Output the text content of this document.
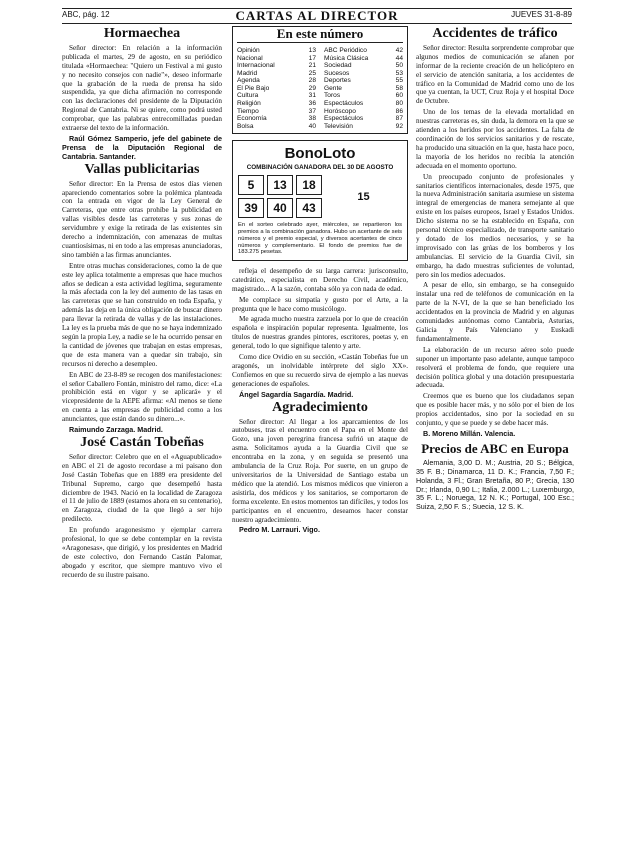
ABC, pág. 12	CARTAS AL DIRECTOR	JUEVES 31-8-89
Hormaechea

Señor director: En relación a la información publicada el martes, 29 de agosto, en su periódico titulada «Hormaechea: "Quiero un Festival a mi gusto y no necesito consejos con nadie"», deseo informarle que la grabación de la rueda de prensa ha sido suspendida, ya que dicha afirmación no corresponde con las declaraciones del presidente de la Diputación Regional de Cantabria. Ni se quiere, como podrá usted comprobar, que las palabras entrecomilladas puedan extraerse del texto de la información.

Raúl Gómez Samperio, jefe del gabinete de Prensa de la Diputación Regional de Cantabria. Santander.

Vallas publicitarias

Señor director: En la Prensa de estos días vienen apareciendo comentarios sobre la polémica planteada con la entrada en vigor de la Ley General de Carreteras, que entre otras prohíbe la publicidad en vallas visibles desde las carreteras y sus zonas de servidumbre y exige la retirada de las existentes sin derecho a indemnización, con amenazas de multas cuantiosísimas, ni en todo a las empresas anunciadoras, sino también a las firmas anunciantes.

Entre otras muchas consideraciones, como la de que este ley aplica totalmente a empresas que hace muchos años se dedican a esta actividad legítima, seguramente la más afectada con la ley del aumento de las tasas en las carreteras que se han construido en toda España, y además las deja en la única obligación de buscar dinero para llevar la retirada de vallas y de las instalaciones. La ley es la prueba más de que no se haya indemnizado según la propia Ley, a nadie se le ha ocurrido pensar en la cantidad de jóvenes que trabajan en estas empresas, que de esta manera van a quedar sin trabajo, sin recursos ni derecho a desempleo.

En ABC de 23-8-89 se recogen dos manifestaciones: el señor Caballero Fontán, ministro del ramo, dice: «La prohibición está en vigor y se aplicará» y el vicepresidente de la AEPE afirma: «Al menos se tiene en cuenta a las empresas de publicidad como a los anunciantes, que están dando su dinero...».

Raimundo Zarzaga. Madrid.

José Castán Tobeñas

Señor director: Celebro que en el «Aguapublicado» en ABC el 21 de agosto recordase a mi paisano don José Castán Tobeñas que en 1889 era presidente del Tribunal Supremo, cargo que desempeñó hasta diciembre de 1943. Nació en la localidad de Zaragoza el 11 de julio de 1889 (estamos ahora en su centenario), en Zaragoza, ciudad de la que llegó a ser hijo predilecto.

En profundo aragonesismo y ejemplar carrera profesional, lo que se debe contemplar en la revista «Aragonesas», que dirigió, y los presidentes en Madrid de este colectivo, don Fernando Castán Palomar, abogado y escritor, que siempre mantuvo vivo el recuerdo de su ilustre paisano.

En este número
Opinión	13
Nacional	17
Internacional	21
Madrid	25
Agenda	28
El Pie Bajo	29
Cultura	31
Religión	36
Tiempo	37
Economía	38
Bolsa	40
ABC Periódico	42
Música Clásica	44
Sociedad	50
Sucesos	53
Deportes	55
Gente	58
Toros	60
Espectáculos	80
Horóscopo	86
Espectáculos	87
Televisión	92
BonoLoto
COMBINACIÓN GANADORA DEL 30 DE AGOSTO
5	13	18
15
39	40	43
En el sorteo celebrado ayer, miércoles, se repartieron los premios a la combinación ganadora. Hubo un acertante de seis números y el premio especial, y diversos acertantes de cinco números y complementario. El fondo de premios fue de 183.275 pesetas.

refleja el desempeño de su larga carrera: jurisconsulto, catedrático, especialista en Derecho Civil, académico, magistrado... A la sazón, contaba sólo ya con nada de edad.

Me complace su simpatía y gusto por el Arte, a la pregunta que le hace como musicólogo.

Me agrada mucho nuestra zarzuela por lo que de creación española e inspiración popular representa. Igualmente, los títulos de nuestras grandes pintores, escritores, poetas y, en general, todo lo que signifique talento y arte.

Como dice Ovidio en su sección, «Castán Tobeñas fue un aragonés, un inolvidable intérprete del siglo XX». Confiemos en que su recuerdo sirva de ejemplo a las nuevas generaciones de españoles.

Ángel Sagardía Sagardía. Madrid.

Agradecimiento

Señor director: Al llegar a los aparcamientos de los autobuses, tras el encuentro con el Papa en el Monte del Gozo, una joven peregrina francesa sufrió un ataque de asma. Solicitamos ayuda a la Guardia Civil que se encontraba en la zona, y en seguida se presentó una ambulancia de la Cruz Roja. Por suerte, en un grupo de universitarios de la Universidad de Santiago estaba un médico que la atendió. Los mismos médicos que vinieron a asistirla, dos médicos y los sanitarios, se comportaron de forma excelente. En estos momentos tan difíciles, y todos los participantes en el encuentro, deseamos hacer constar nuestro agradecimiento.

Pedro M. Larrauri. Vigo.

Accidentes de tráfico

Señor director: Resulta sorprendente comprobar que algunos medios de comunicación se afanen por informar de la reciente creación de un helicóptero en el servicio de atención sanitaria, a los accidentes de tráfico en la Comunidad de Madrid como uno de los que ya cuentan, la UCT, Cruz Roja y el hospital Doce de Octubre.

Uno de los temas de la elevada mortalidad en nuestras carreteras es, sin duda, la demora en la que se atienden a los heridos por los accidentes. La falta de coordinación de los servicios sanitarios y de rescate, ha producido una situación en la que, hasta hace poco, la mayoría de los heridos no recibía la atención adecuada en el momento oportuno.

Un preocupado conjunto de profesionales y sanitarios científicos internacionales, desde 1975, que la nueva Administración sanitaria asumiese un sistema integral de emergencias de manera semejante al que existe en los países europeos, Israel y Estados Unidos. Dicho sistema no se ha establecido en España, con personal técnico especializado, de transporte sanitario y dotado de los medios necesarios, y se ha improvisado con las grúas de los bomberos y los ambulancias. El servicio de la Guardia Civil, sin embargo, ha dado muestras suficientes de voluntad, pero sin los medios adecuados.

A pesar de ello, sin embargo, se ha conseguido instalar una red de teléfonos de comunicación en la parte de la N-VI, de la que se han beneficiado los accidentados en la provincia de Madrid y en algunas comunidades autónomas como Cantabria, Asturias, Galicia y País Valenciano y Euskadi fundamentalmente.

La elaboración de un recurso aéreo solo puede suponer un importante paso adelante, aunque tampoco resolverá el problema de fondo, que requiere una decisión política global y una dotación presupuestaria adecuada.

Creemos que es bueno que los ciudadanos sepan que es posible hacer más, y no sólo por el bien de los propios accidentados, sino por la sociedad en su conjunto, y que se puede y se debe hacer más.

B. Moreno Millán. Valencia.

Precios de ABC en Europa

Alemania, 3,00 D. M.; Austria, 20 S.; Bélgica, 35 F. B.; Dinamarca, 11 D. K.; Francia, 7,50 F.; Holanda, 3 Fl.; Gran Bretaña, 80 P.; Grecia, 130 Dr.; Irlanda, 0,90 L.; Italia, 2.000 L.; Luxemburgo, 35 F. L.; Noruega, 12 N. K.; Portugal, 100 Esc.; Suiza, 2,50 F. S.; Suecia, 12 S. K.
